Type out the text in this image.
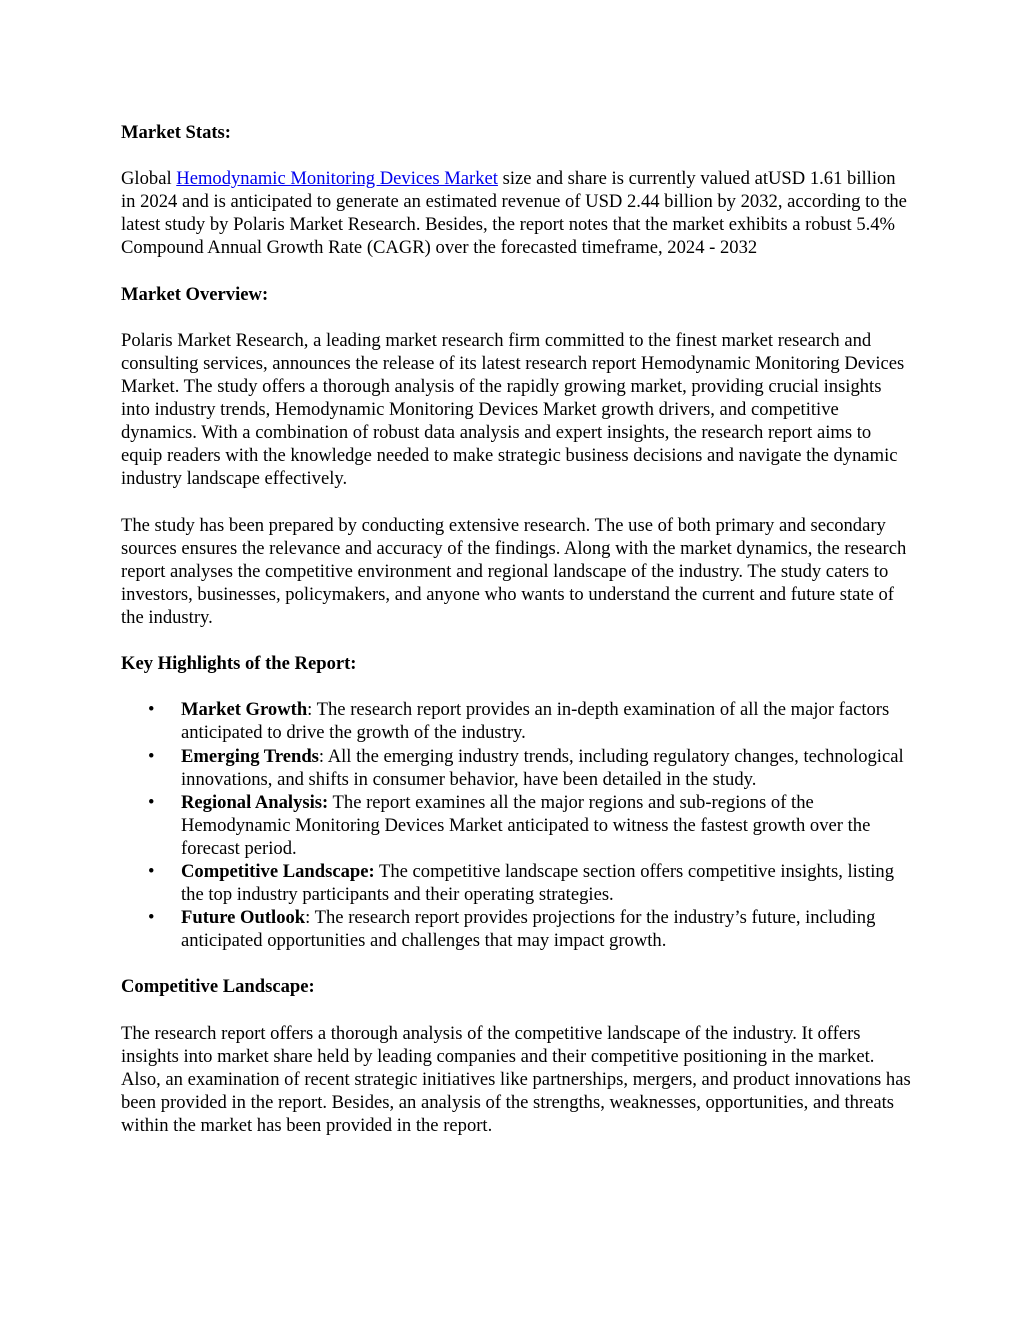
Market Stats:

Global Hemodynamic Monitoring Devices Market size and share is currently valued atUSD 1.61 billion in 2024 and is anticipated to generate an estimated revenue of USD 2.44 billion by 2032, according to the latest study by Polaris Market Research. Besides, the report notes that the market exhibits a robust 5.4% Compound Annual Growth Rate (CAGR) over the forecasted timeframe, 2024 - 2032

Market Overview:

Polaris Market Research, a leading market research firm committed to the finest market research and consulting services, announces the release of its latest research report Hemodynamic Monitoring Devices Market. The study offers a thorough analysis of the rapidly growing market, providing crucial insights into industry trends, Hemodynamic Monitoring Devices Market growth drivers, and competitive dynamics. With a combination of robust data analysis and expert insights, the research report aims to equip readers with the knowledge needed to make strategic business decisions and navigate the dynamic industry landscape effectively.

The study has been prepared by conducting extensive research. The use of both primary and secondary sources ensures the relevance and accuracy of the findings. Along with the market dynamics, the research report analyses the competitive environment and regional landscape of the industry. The study caters to investors, businesses, policymakers, and anyone who wants to understand the current and future state of the industry.

Key Highlights of the Report:
• Market Growth: The research report provides an in-depth examination of all the major factors anticipated to drive the growth of the industry.
• Emerging Trends: All the emerging industry trends, including regulatory changes, technological innovations, and shifts in consumer behavior, have been detailed in the study.
• Regional Analysis: The report examines all the major regions and sub-regions of the Hemodynamic Monitoring Devices Market anticipated to witness the fastest growth over the forecast period.
• Competitive Landscape: The competitive landscape section offers competitive insights, listing the top industry participants and their operating strategies.
• Future Outlook: The research report provides projections for the industry’s future, including anticipated opportunities and challenges that may impact growth.
Competitive Landscape:

The research report offers a thorough analysis of the competitive landscape of the industry. It offers insights into market share held by leading companies and their competitive positioning in the market. Also, an examination of recent strategic initiatives like partnerships, mergers, and product innovations has been provided in the report. Besides, an analysis of the strengths, weaknesses, opportunities, and threats within the market has been provided in the report.
